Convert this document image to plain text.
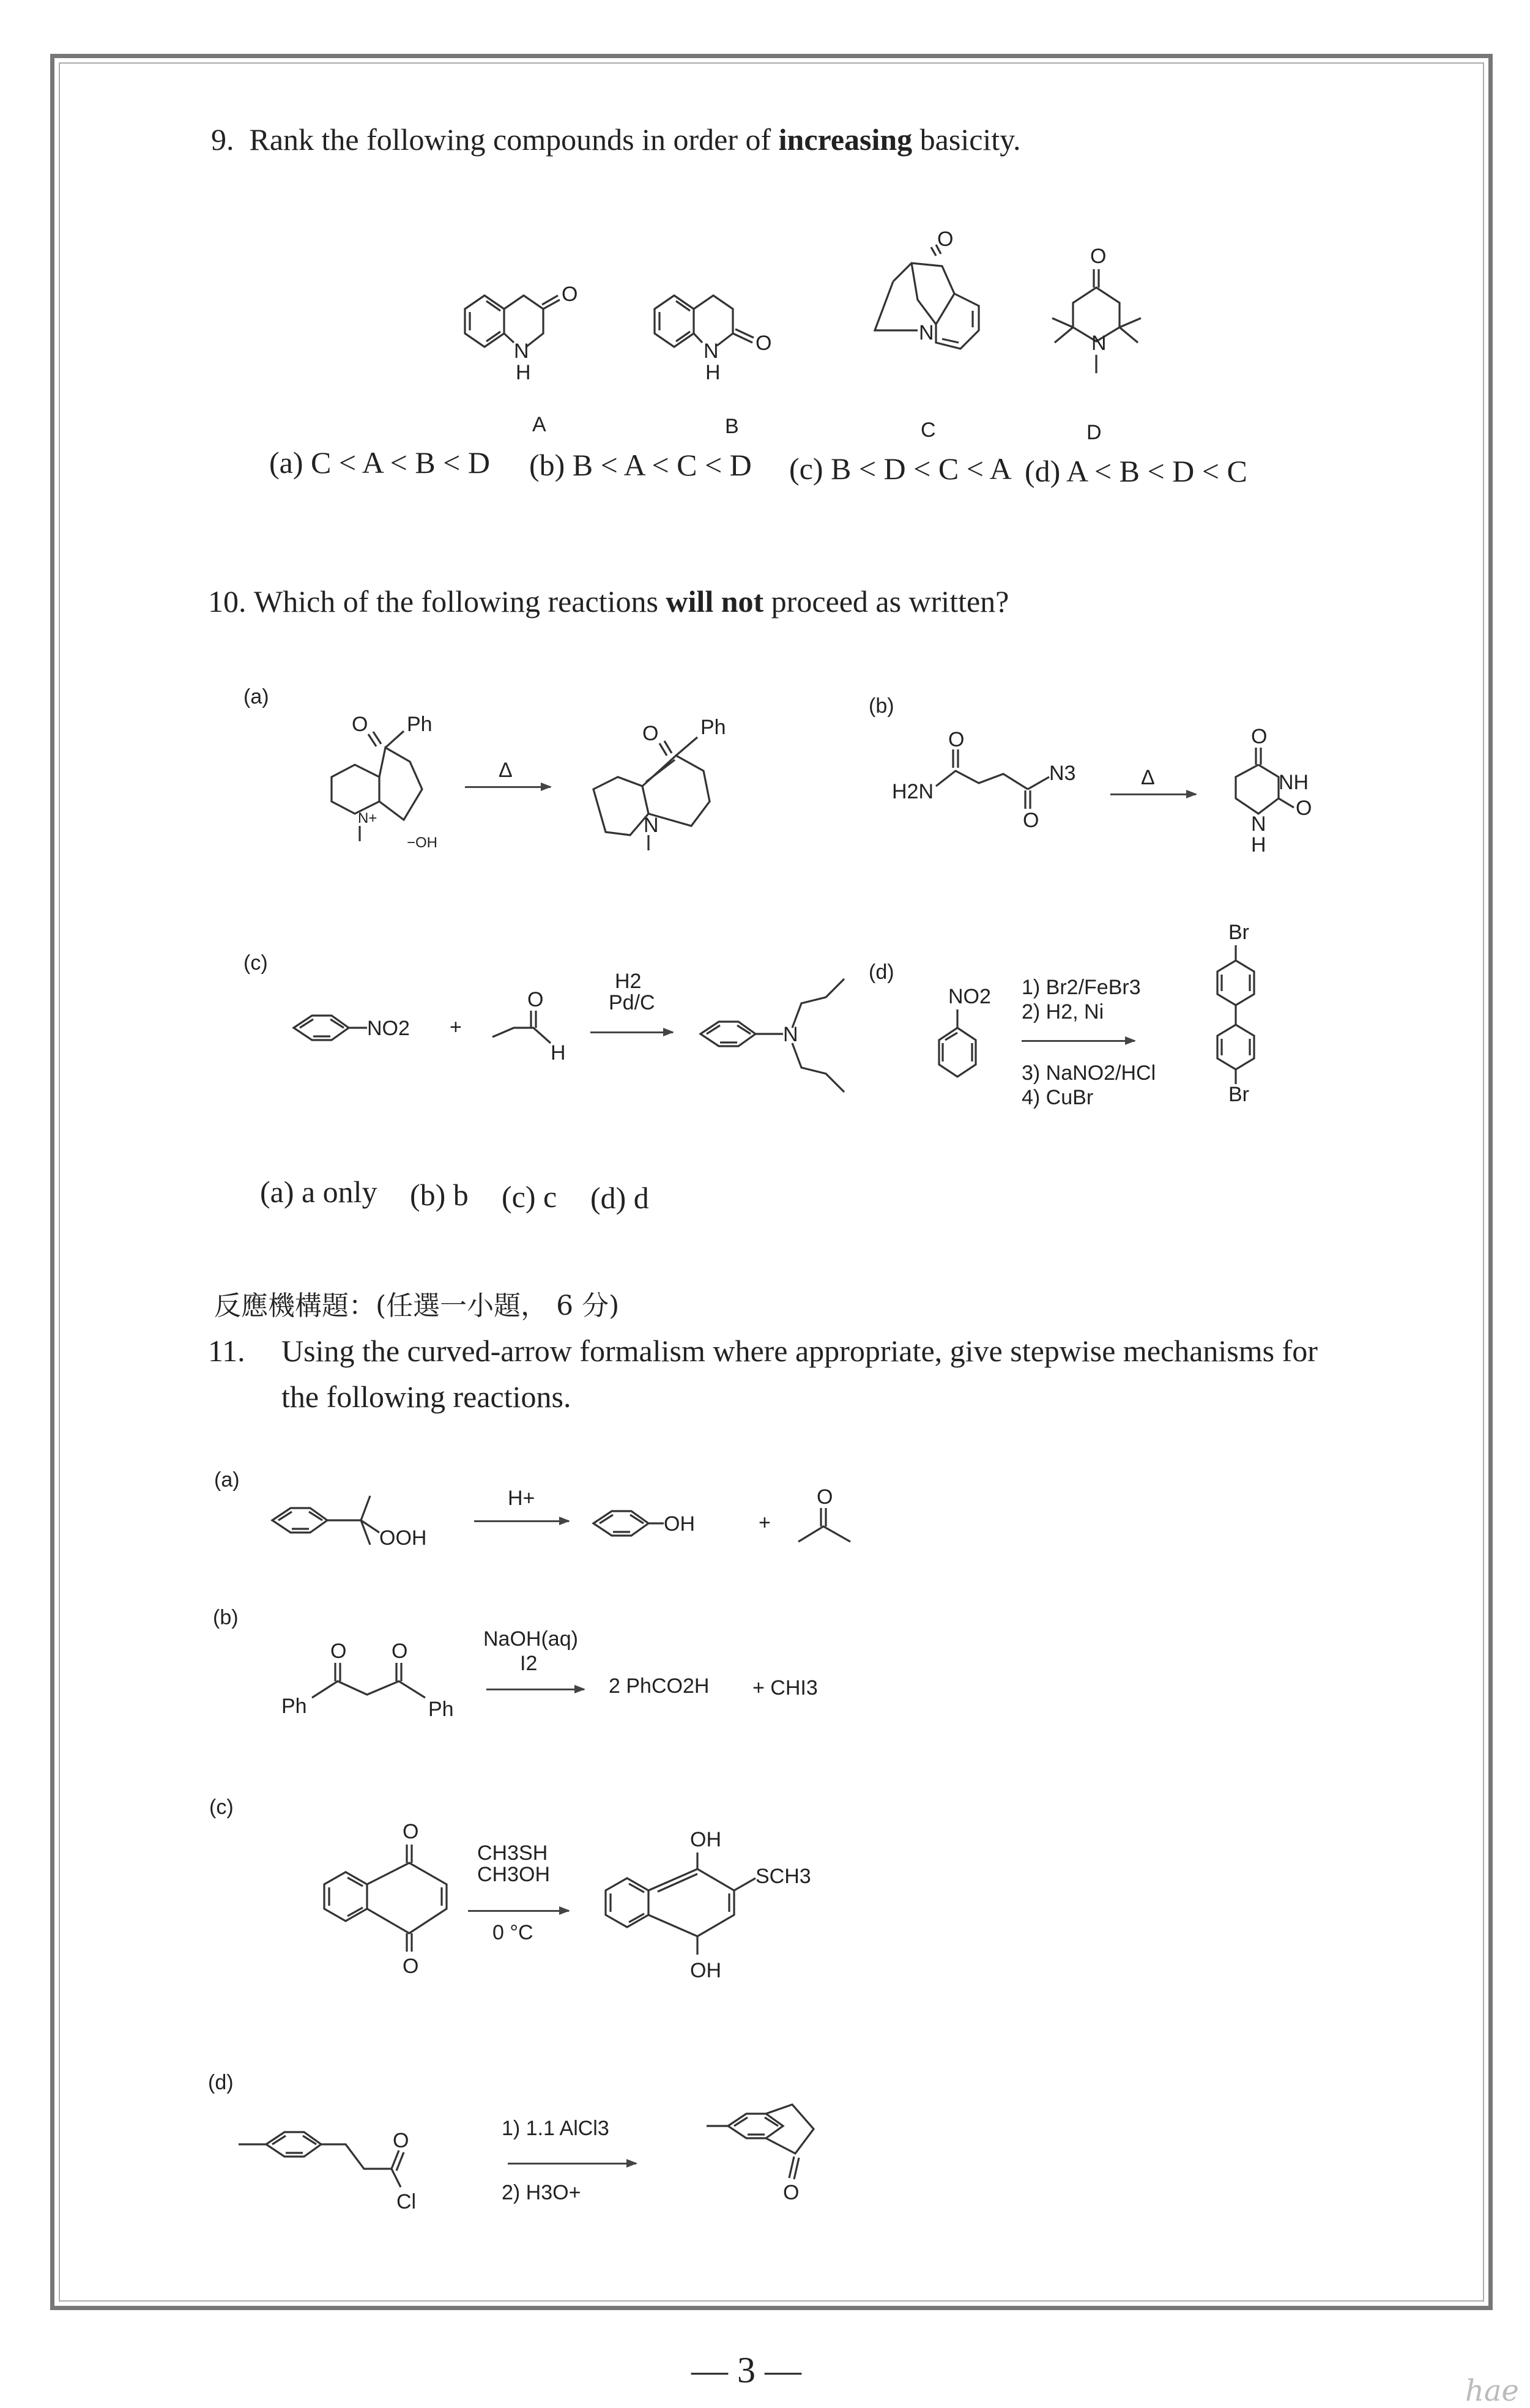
9. Rank the following compounds in order of increasing basicity.
O
N
H
O
N
H
O
N
O
N
A	B	C	D
(a) C < A < B < D (b) B < A < C < D (c) B < D < C < A (d) A < B < D < C
10. Which of the following reactions will not proceed as written?
(a)
O Ph
N+
−OH
Δ
O Ph
N
(b)
O
H2N
O
N3	Δ
O
NH
N
H
O
(c)
NO2 +
O
H
H2
Pd/C
N
(d)
NO2 1) Br2/FeBr3
2) H2, Ni
3) NaNO2/HCl
4) CuBr
Br
Br
(a) a only (b) b (c) c (d) d
反應機構題：(任選一小題， 6 分)
11. Using the curved-arrow formalism where appropriate, give stepwise mechanisms for
the following reactions.
(a)
OOH
H+
OH	+
O
(b)
O O
Ph	Ph
NaOH(aq)
I2
2 PhCO2H + CHI3
(c)
O
O
CH3SH
CH3OH
0 °C
OH
SCH3
OH
(d)
O
Cl
1) 1.1 AlCl3
2) H3O+	O
— 3 —
hae
